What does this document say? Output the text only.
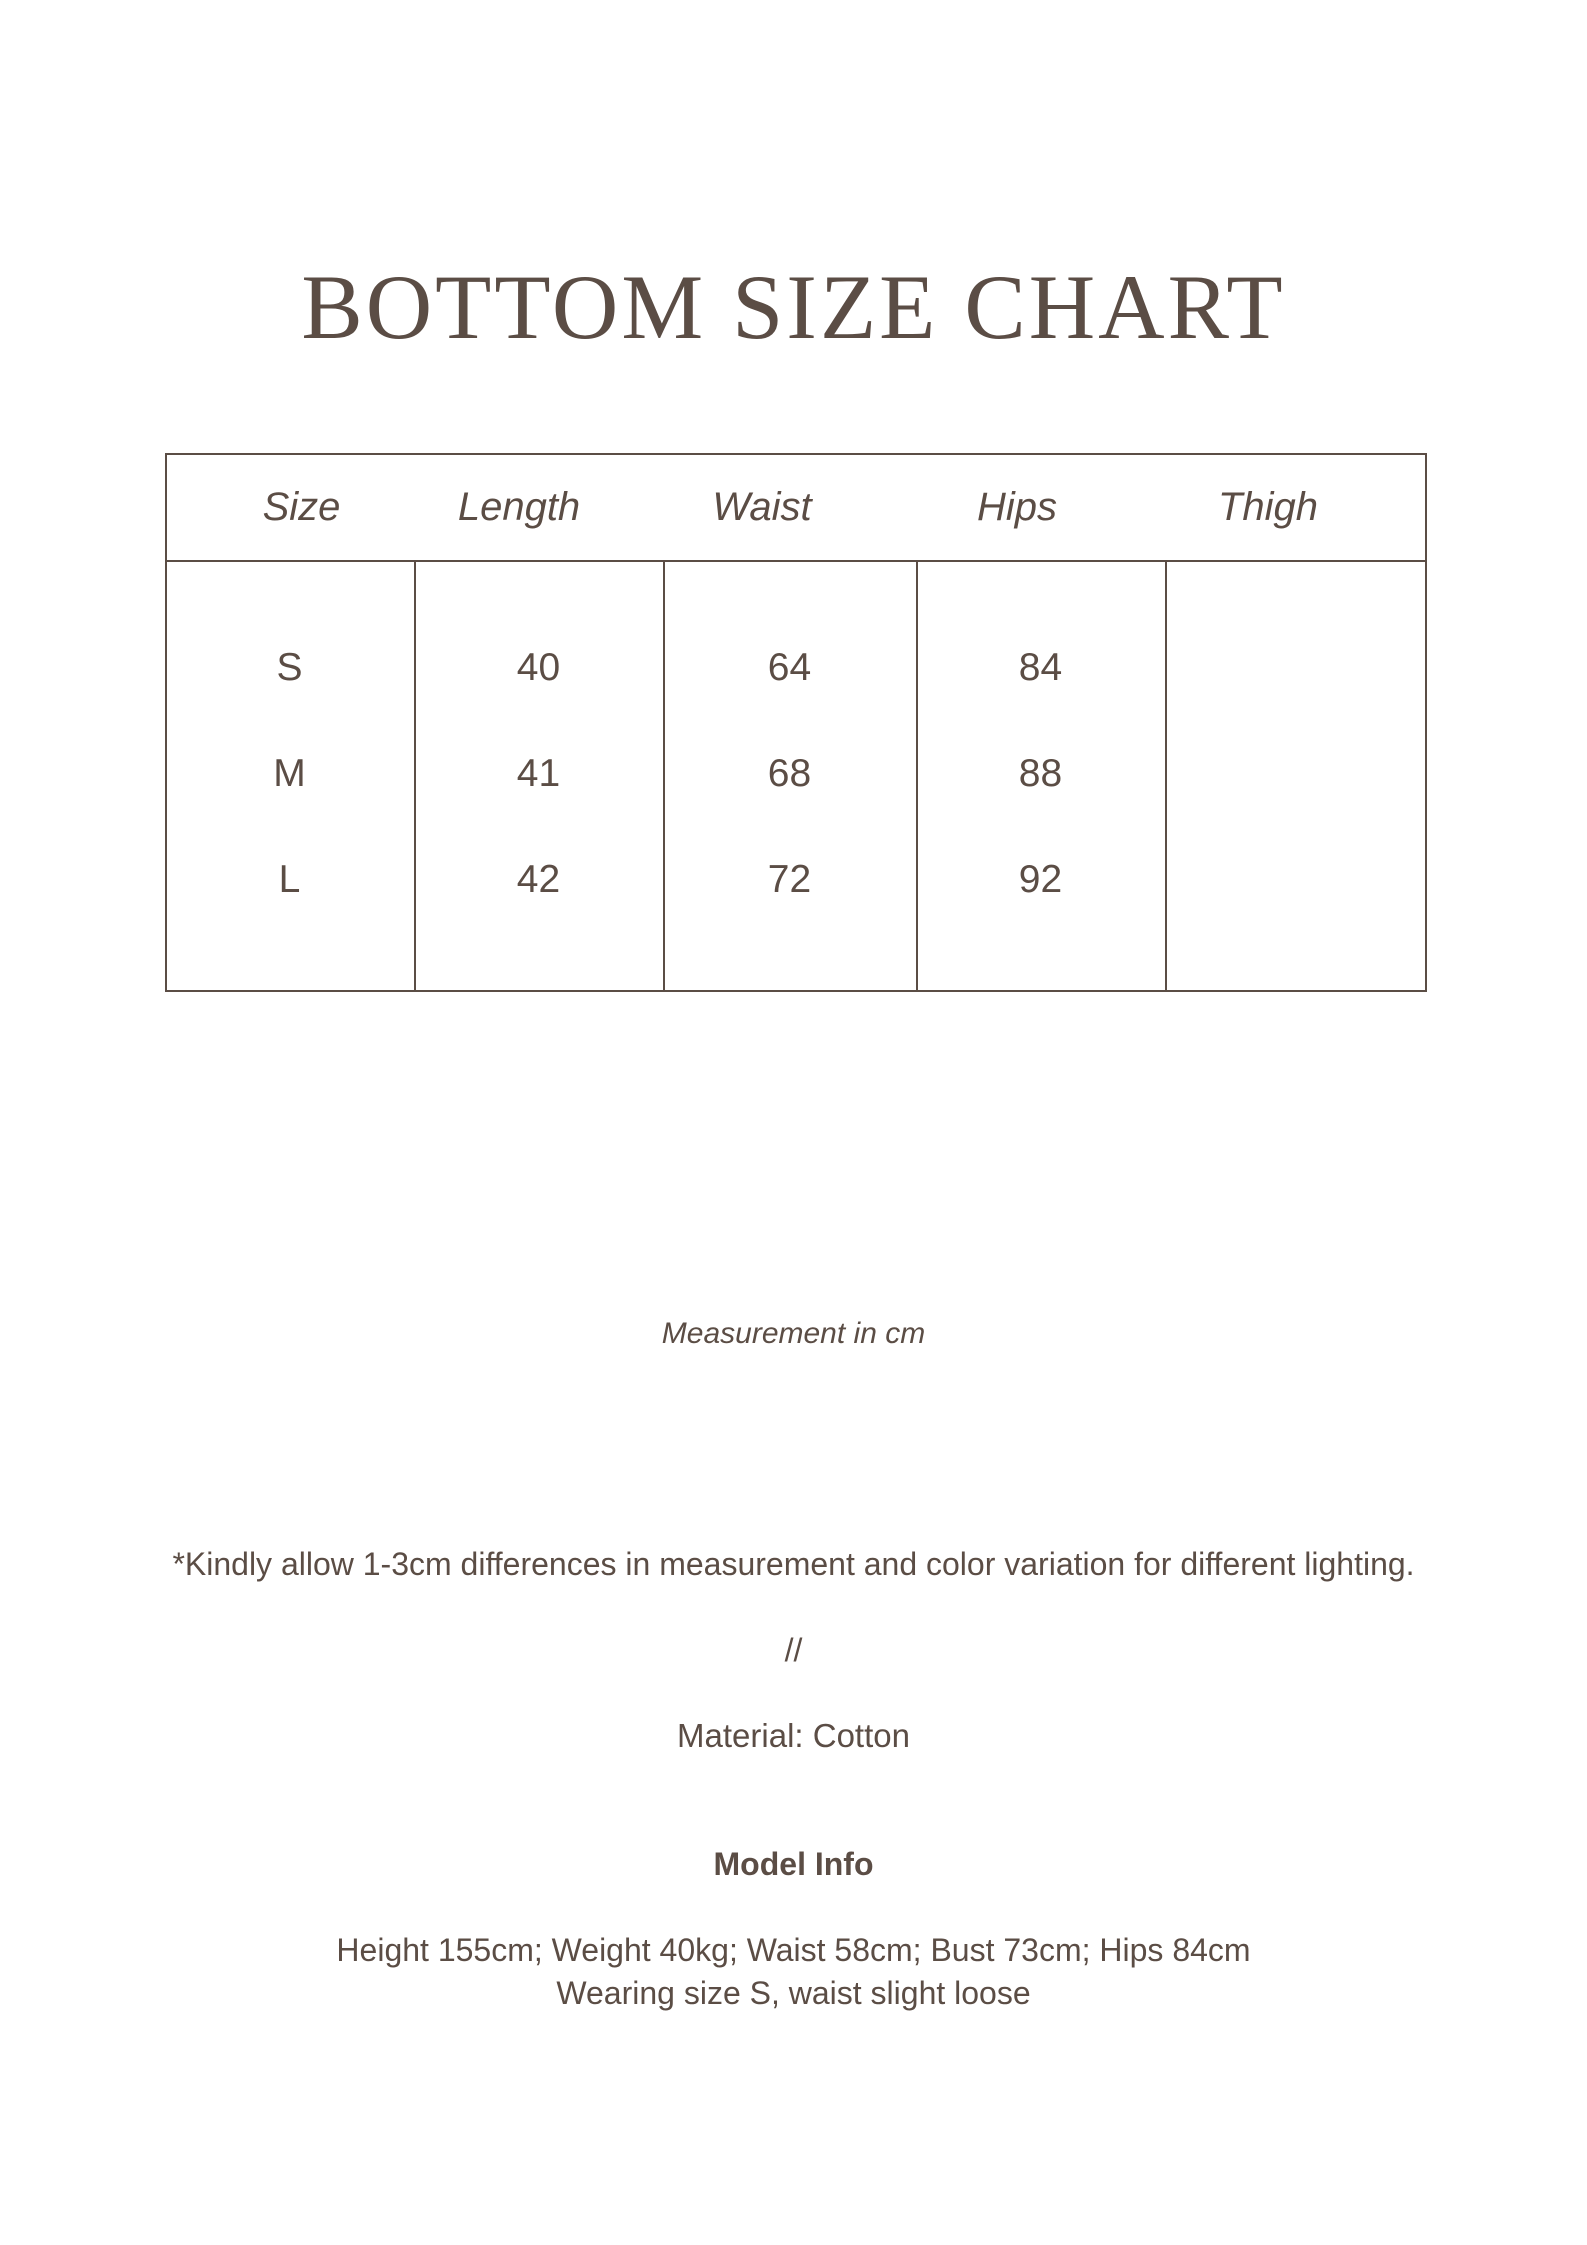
BOTTOM SIZE CHART
Size	Length	Waist	Hips	Thigh
S	40	64	84
M	41	68	88
L	42	72	92
Measurement in cm
*Kindly allow 1-3cm differences in measurement and color variation for different lighting.
//
Material: Cotton
Model Info
Height 155cm; Weight 40kg; Waist 58cm; Bust 73cm; Hips 84cm
Wearing size S, waist slight loose
